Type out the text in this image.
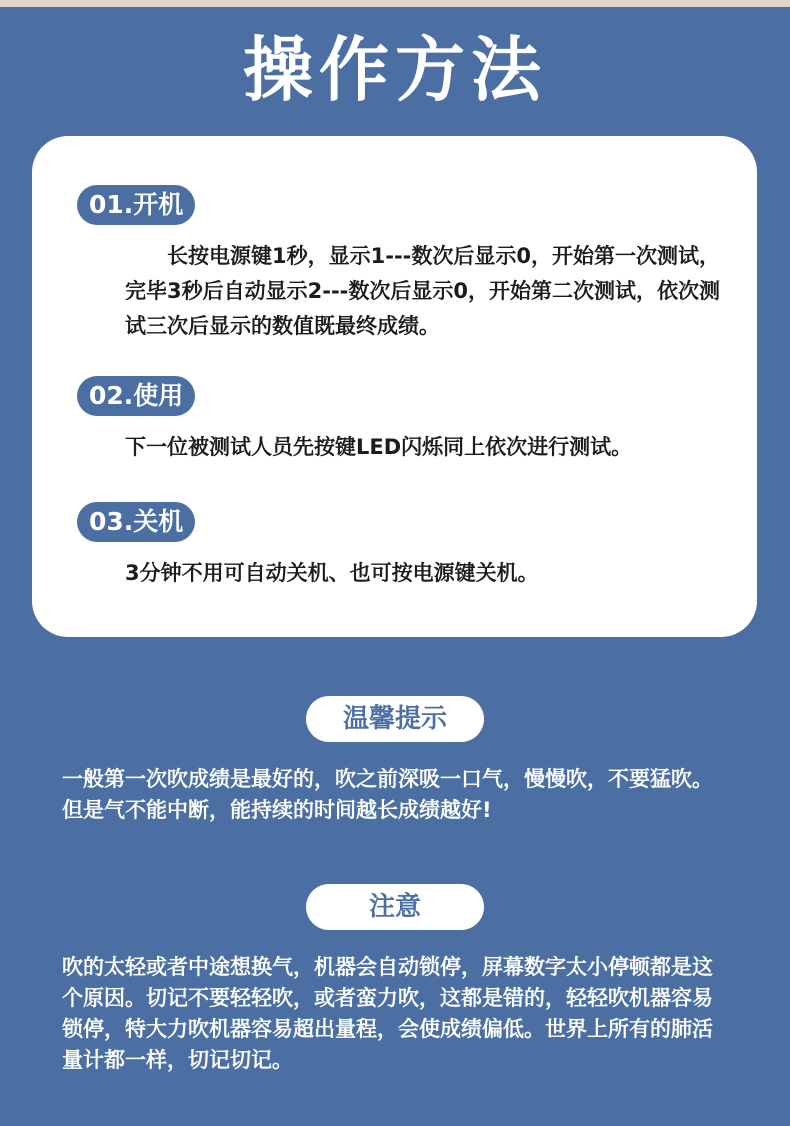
操作方法
01.开机
　　长按电源键1秒，显示1---数次后显示0，开始第一次测试，完毕3秒后自动显示2---数次后显示0，开始第二次测试，依次测试三次后显示的数值既最终成绩。
02.使用
下一位被测试人员先按键LED闪烁同上依次进行测试。
03.关机
3分钟不用可自动关机、也可按电源键关机。
温馨提示
一般第一次吹成绩是最好的，吹之前深吸一口气，慢慢吹，不要猛吹。但是气不能中断，能持续的时间越长成绩越好!
注意
吹的太轻或者中途想换气，机器会自动锁停，屏幕数字太小停顿都是这个原因。切记不要轻轻吹，或者蛮力吹，这都是错的，轻轻吹机器容易锁停，特大力吹机器容易超出量程，会使成绩偏低。世界上所有的肺活量计都一样，切记切记。
